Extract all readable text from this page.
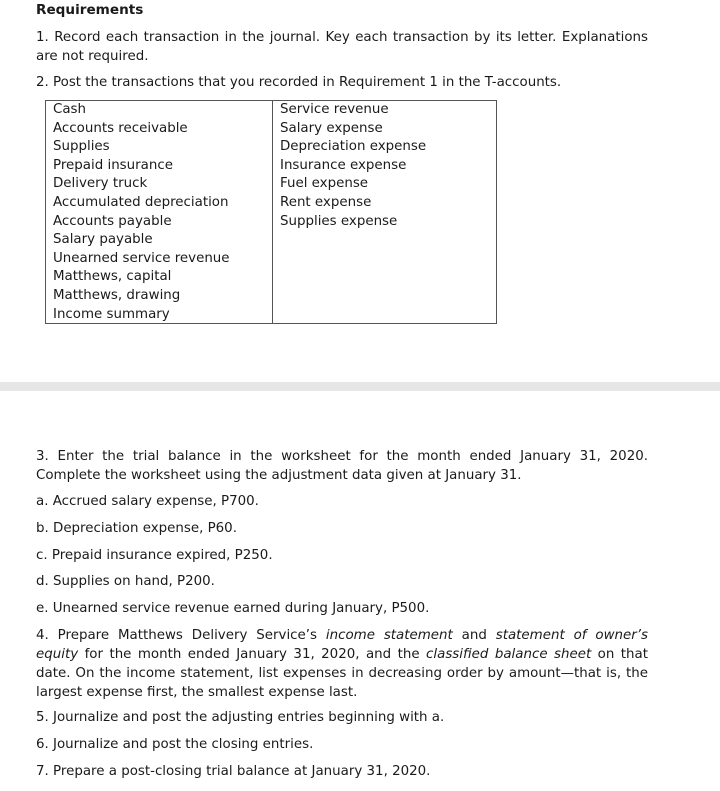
Requirements
1. Record each transaction in the journal. Key each transaction by its letter. Explanations are not required.
2. Post the transactions that you recorded in Requirement 1 in the T-accounts.
Cash
Accounts receivable
Supplies
Prepaid insurance
Delivery truck
Accumulated depreciation
Accounts payable
Salary payable
Unearned service revenue
Matthews, capital
Matthews, drawing
Income summary
Service revenue
Salary expense
Depreciation expense
Insurance expense
Fuel expense
Rent expense
Supplies expense
3. Enter the trial balance in the worksheet for the month ended January 31, 2020. Complete the worksheet using the adjustment data given at January 31.
a. Accrued salary expense, P700.
b. Depreciation expense, P60.
c. Prepaid insurance expired, P250.
d. Supplies on hand, P200.
e. Unearned service revenue earned during January, P500.
4. Prepare Matthews Delivery Service’s income statement and statement of owner’s equity for the month ended January 31, 2020, and the classified balance sheet on that date. On the income statement, list expenses in decreasing order by amount—that is, the largest expense first, the smallest expense last.
5. Journalize and post the adjusting entries beginning with a.
6. Journalize and post the closing entries.
7. Prepare a post-closing trial balance at January 31, 2020.
